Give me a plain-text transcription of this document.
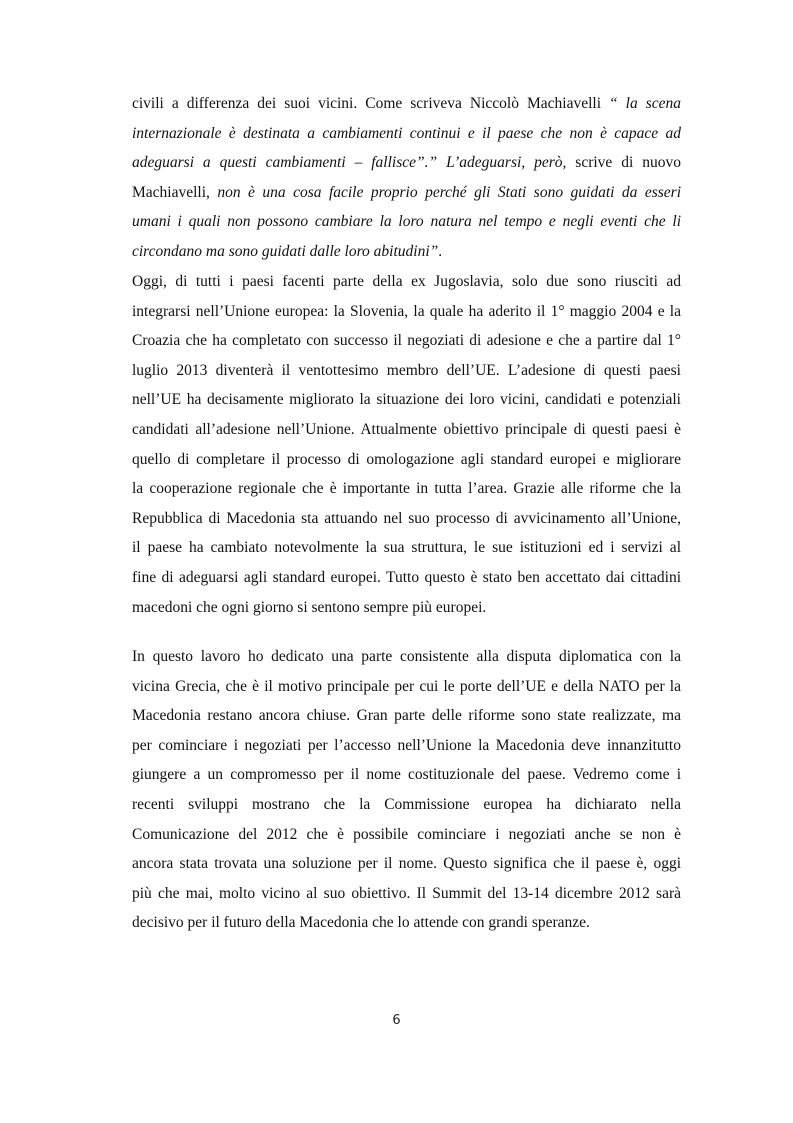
civili a differenza dei suoi vicini. Come scriveva Niccolò Machiavelli “ la scena
internazionale è destinata a cambiamenti continui e il paese che non è capace ad
adeguarsi a questi cambiamenti – fallisce”.” L’adeguarsi, però, scrive di nuovo
Machiavelli, non è una cosa facile proprio perché gli Stati sono guidati da esseri
umani i quali non possono cambiare la loro natura nel tempo e negli eventi che li
circondano ma sono guidati dalle loro abitudini”.
Oggi, di tutti i paesi facenti parte della ex Jugoslavia, solo due sono riusciti ad
integrarsi nell’Unione europea: la Slovenia, la quale ha aderito il 1° maggio 2004 e la
Croazia che ha completato con successo il negoziati di adesione e che a partire dal 1°
luglio 2013 diventerà il ventottesimo membro dell’UE. L’adesione di questi paesi
nell’UE ha decisamente migliorato la situazione dei loro vicini, candidati e potenziali
candidati all’adesione nell’Unione. Attualmente obiettivo principale di questi paesi è
quello di completare il processo di omologazione agli standard europei e migliorare
la cooperazione regionale che è importante in tutta l’area. Grazie alle riforme che la
Repubblica di Macedonia sta attuando nel suo processo di avvicinamento all’Unione,
il paese ha cambiato notevolmente la sua struttura, le sue istituzioni ed i servizi al
fine di adeguarsi agli standard europei. Tutto questo è stato ben accettato dai cittadini
macedoni che ogni giorno si sentono sempre più europei.
In questo lavoro ho dedicato una parte consistente alla disputa diplomatica con la
vicina Grecia, che è il motivo principale per cui le porte dell’UE e della NATO per la
Macedonia restano ancora chiuse. Gran parte delle riforme sono state realizzate, ma
per cominciare i negoziati per l’accesso nell’Unione la Macedonia deve innanzitutto
giungere a un compromesso per il nome costituzionale del paese. Vedremo come i
recenti sviluppi mostrano che la Commissione europea ha dichiarato nella
Comunicazione del 2012 che è possibile cominciare i negoziati anche se non è
ancora stata trovata una soluzione per il nome. Questo significa che il paese è, oggi
più che mai, molto vicino al suo obiettivo. Il Summit del 13-14 dicembre 2012 sarà
decisivo per il futuro della Macedonia che lo attende con grandi speranze.
6
